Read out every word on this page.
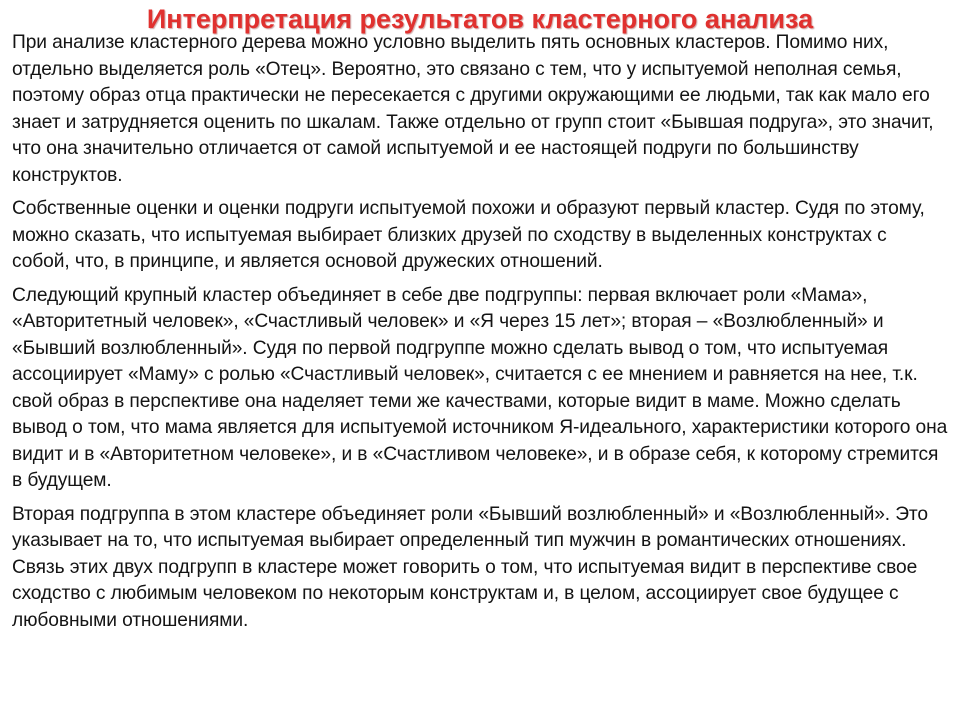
Интерпретация результатов кластерного анализа

При анализе кластерного дерева можно условно выделить пять основных кластеров. Помимо них, отдельно выделяется роль «Отец». Вероятно, это связано с тем, что у испытуемой неполная семья, поэтому образ отца практически не пересекается с другими окружающими ее людьми, так как мало его знает и затрудняется оценить по шкалам. Также отдельно от групп стоит «Бывшая подруга», это значит, что она значительно отличается от самой испытуемой и ее настоящей подруги по большинству конструктов.

Собственные оценки и оценки подруги испытуемой похожи и образуют первый кластер. Судя по этому, можно сказать, что испытуемая выбирает близких друзей по сходству в выделенных конструктах с собой, что, в принципе, и является основой дружеских отношений.

Следующий крупный кластер объединяет в себе две подгруппы: первая включает роли «Мама», «Авторитетный человек», «Счастливый человек» и «Я через 15 лет»; вторая – «Возлюбленный» и «Бывший возлюбленный». Судя по первой подгруппе можно сделать вывод о том, что испытуемая ассоциирует «Маму» с ролью «Счастливый человек», считается с ее мнением и равняется на нее, т.к. свой образ в перспективе она наделяет теми же качествами, которые видит в маме. Можно сделать вывод о том, что мама является для испытуемой источником Я-идеального, характеристики которого она видит и в «Авторитетном человеке», и в «Счастливом человеке», и в образе себя, к которому стремится в будущем.

Вторая подгруппа в этом кластере объединяет роли «Бывший возлюбленный» и «Возлюбленный». Это указывает на то, что испытуемая выбирает определенный тип мужчин в романтических отношениях. Связь этих двух подгрупп в кластере может говорить о том, что испытуемая видит в перспективе свое сходство с любимым человеком по некоторым конструктам и, в целом, ассоциирует свое будущее с любовными отношениями.
